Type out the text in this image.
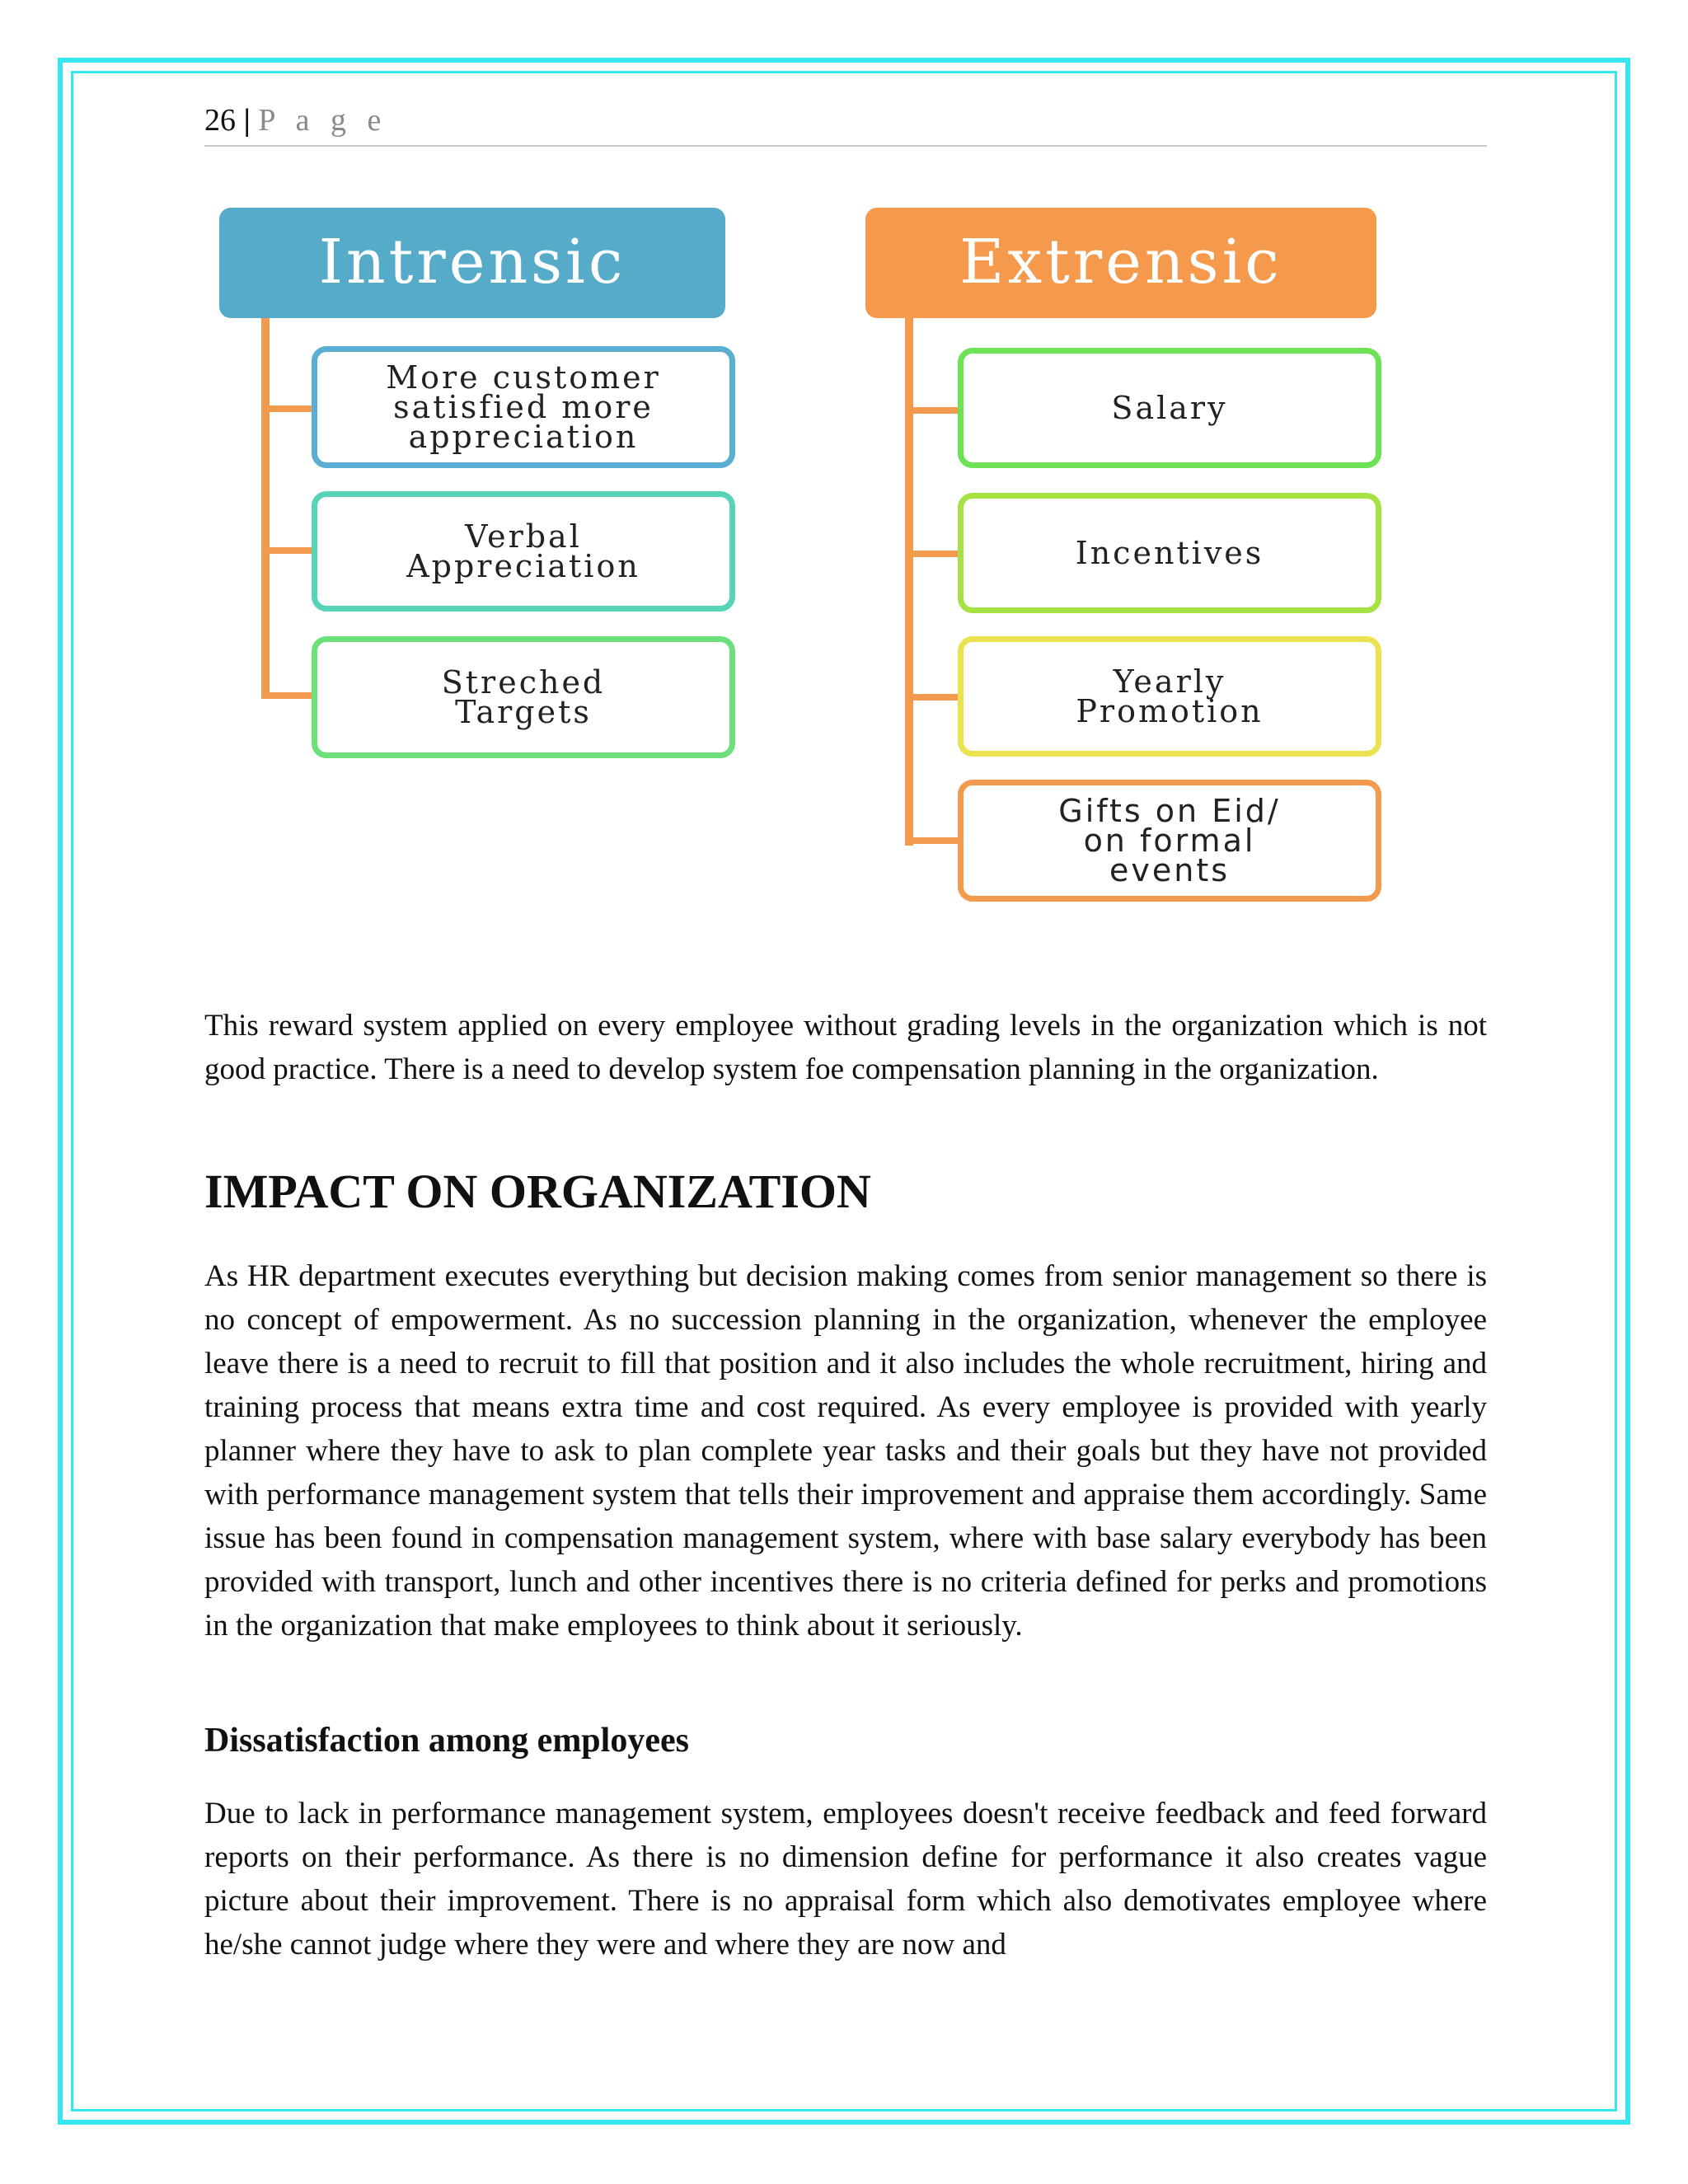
26 | P a g e
Intrensic
More customer
satisfied more
appreciation
Verbal
Appreciation
Streched
Targets
Extrensic
Salary
Incentives
Yearly
Promotion
Gifts on Eid/
on formal
events

This reward system applied on every employee without grading levels in the organization which is not good practice. There is a need to develop system foe compensation planning in the organization.

IMPACT ON ORGANIZATION

As HR department executes everything but decision making comes from senior management so there is no concept of empowerment. As no succession planning in the organization, whenever the employee leave there is a need to recruit to fill that position and it also includes the whole recruitment, hiring and training process that means extra time and cost required. As every employee is provided with yearly planner where they have to ask to plan complete year tasks and their goals but they have not provided with performance management system that tells their improvement and appraise them accordingly. Same issue has been found in compensation management system, where with base salary everybody has been provided with transport, lunch and other incentives there is no criteria defined for perks and promotions in the organization that make employees to think about it seriously.

Dissatisfaction among employees

Due to lack in performance management system, employees doesn't receive feedback and feed forward reports on their performance. As there is no dimension define for performance it also creates vague picture about their improvement. There is no appraisal form which also demotivates employee where he/she cannot judge where they were and where they are now and
